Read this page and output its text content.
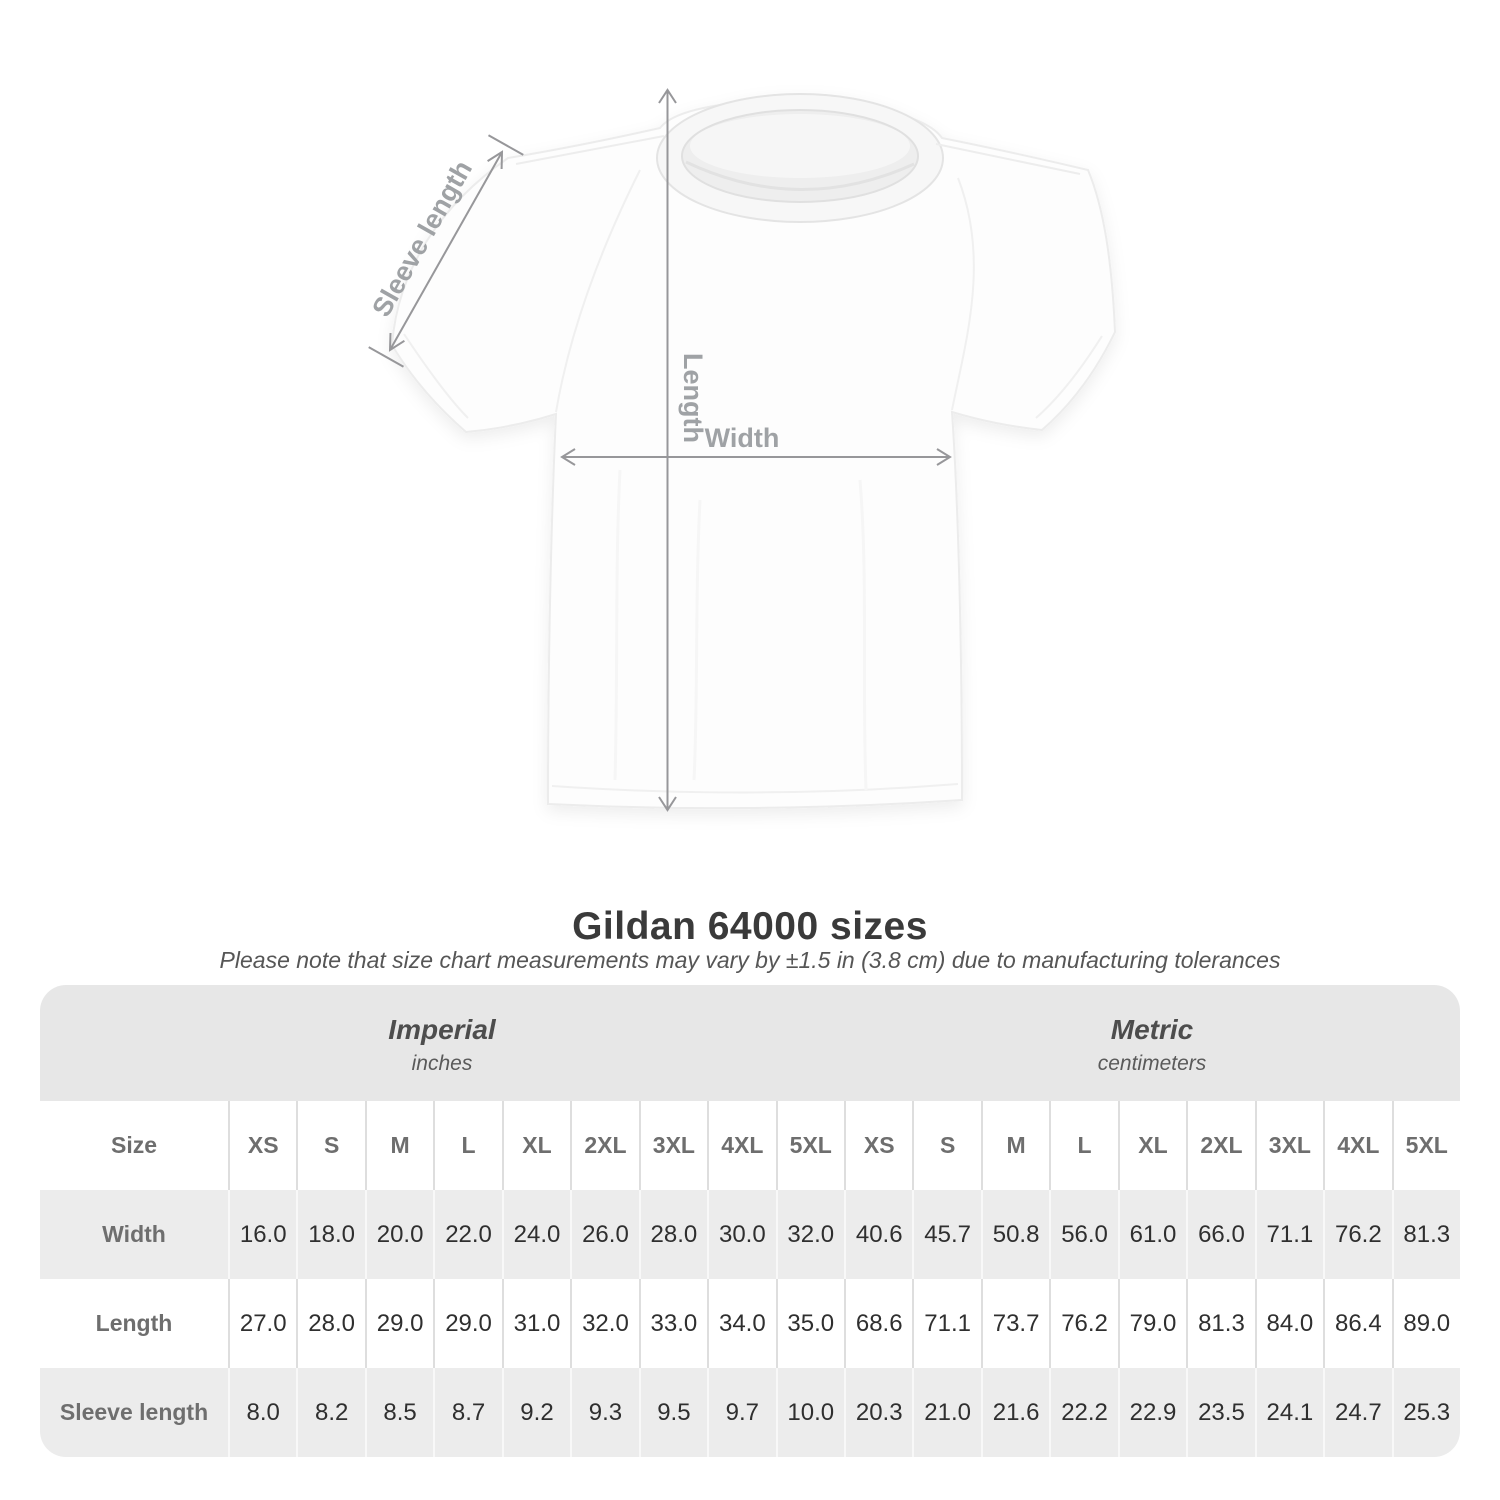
Width
Length
Sleeve length
Gildan 64000 sizes

Please note that size chart measurements may vary by ±1.5 in (3.8 cm) due to manufacturing tolerances

Imperial
inches
Metric
centimeters
Size	XS	S	M	L	XL	2XL	3XL	4XL	5XL	XS	S	M	L	XL	2XL	3XL	4XL	5XL
Width	16.0 18.0 20.0 22.0 24.0 26.0 28.0 30.0 32.0 40.6 45.7 50.8 56.0 61.0 66.0 71.1 76.2 81.3
Length	27.0 28.0 29.0 29.0 31.0 32.0 33.0 34.0 35.0 68.6 71.1 73.7 76.2 79.0 81.3 84.0 86.4 89.0
Sleeve length	8.0	8.2	8.5	8.7	9.2	9.3	9.5	9.7	10.0 20.3 21.0 21.6 22.2 22.9 23.5 24.1 24.7 25.3
